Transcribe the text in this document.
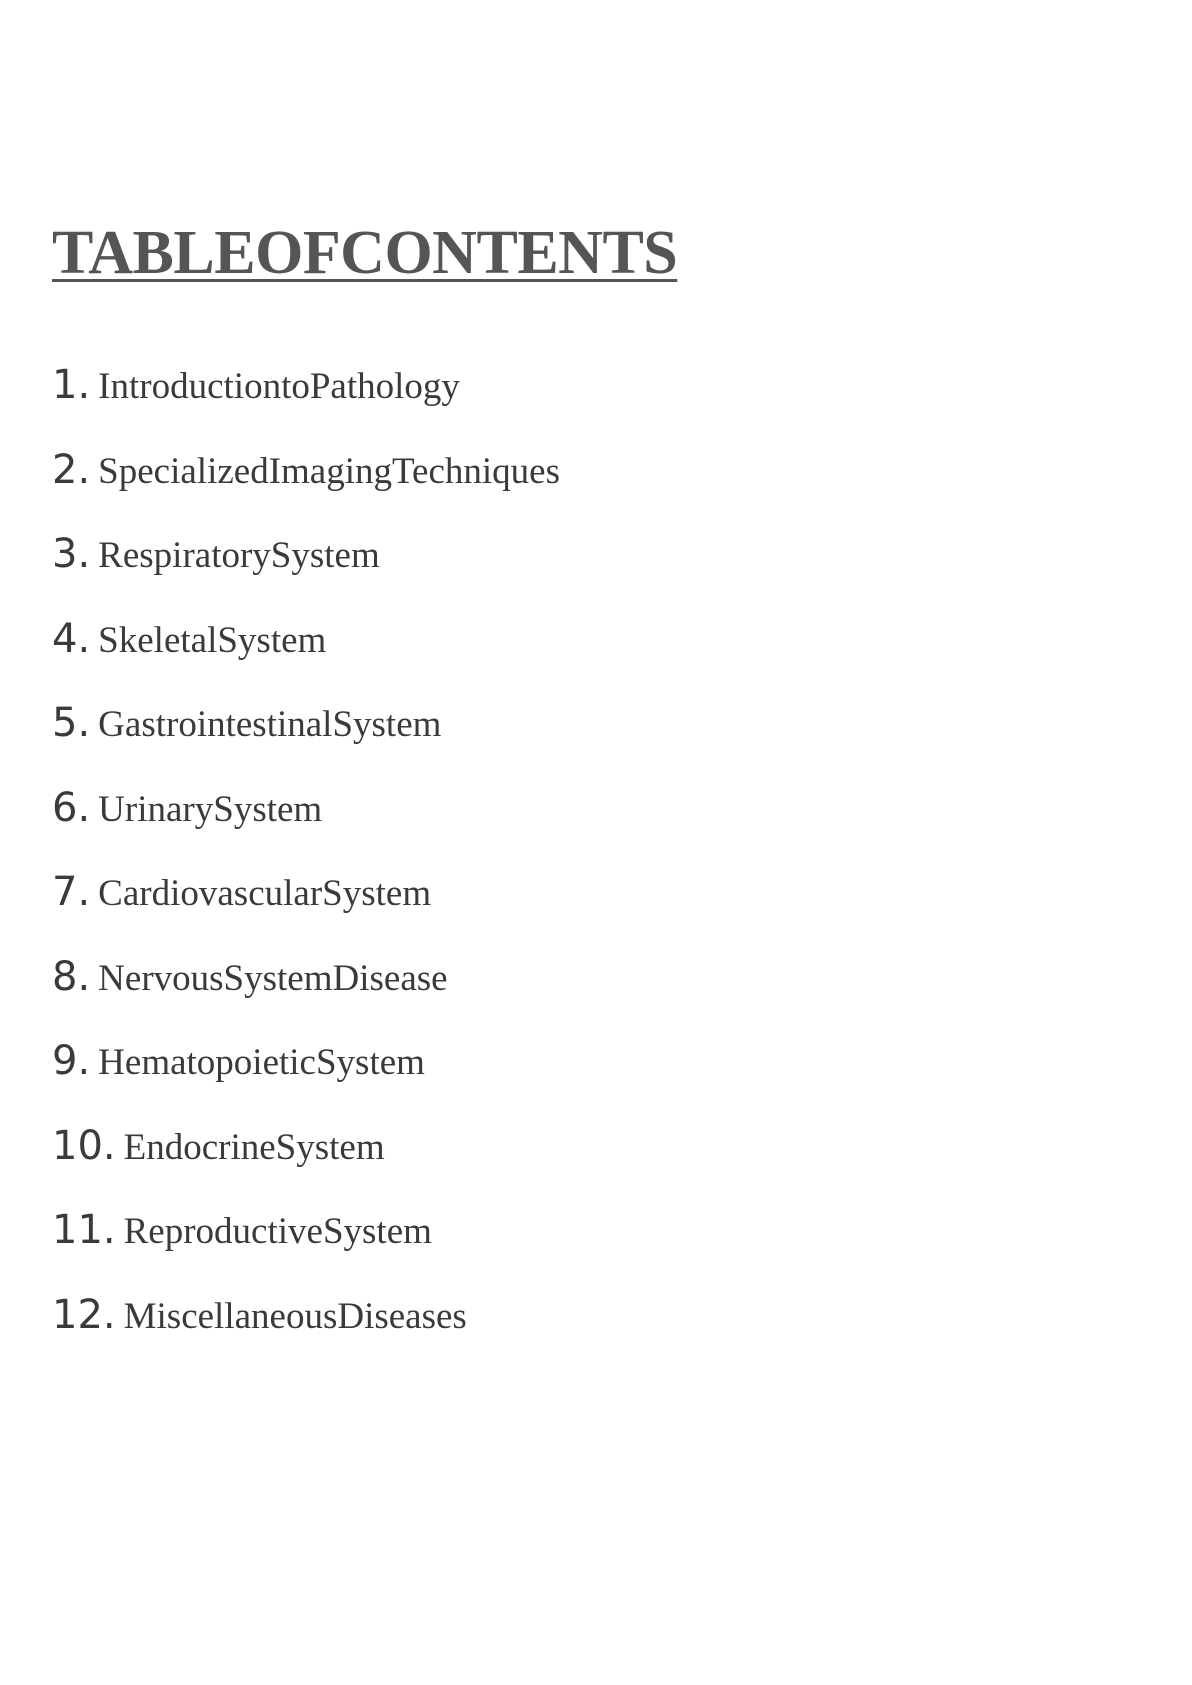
TABLEOFCONTENTS
1. IntroductiontoPathology
2. SpecializedImagingTechniques
3. RespiratorySystem
4. SkeletalSystem
5. GastrointestinalSystem
6. UrinarySystem
7. CardiovascularSystem
8. NervousSystemDisease
9. HematopoieticSystem
10. EndocrineSystem
11. ReproductiveSystem
12. MiscellaneousDiseases
